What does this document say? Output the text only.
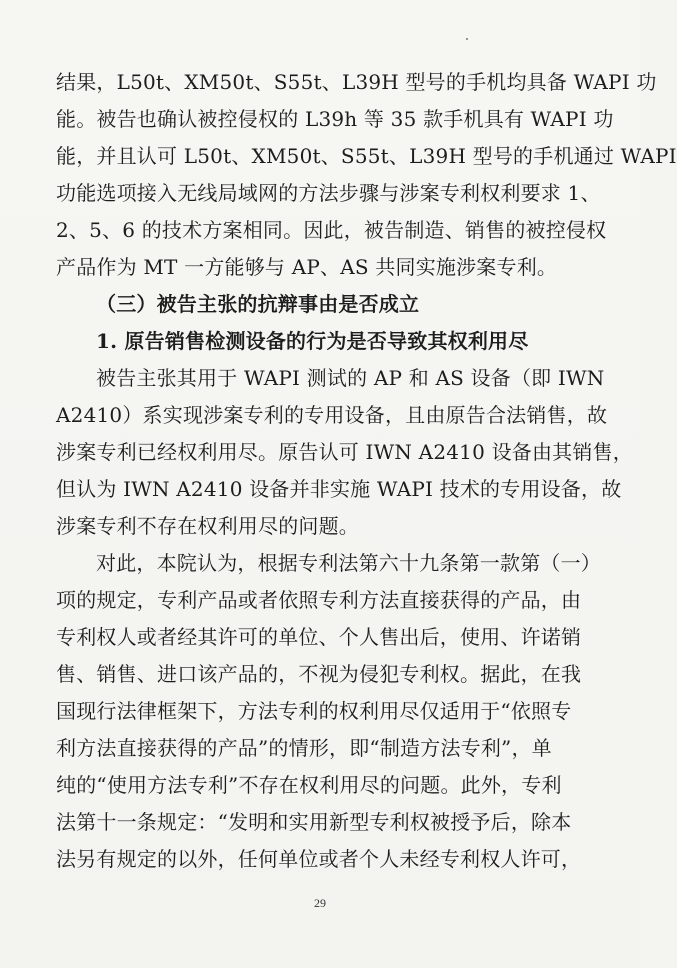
结果，L50t、XM50t、S55t、L39H 型号的手机均具备 WAPI 功
能。被告也确认被控侵权的 L39h 等 35 款手机具有 WAPI 功
能，并且认可 L50t、XM50t、S55t、L39H 型号的手机通过 WAPI
功能选项接入无线局域网的方法步骤与涉案专利权利要求 1、
2、5、6 的技术方案相同。因此，被告制造、销售的被控侵权
产品作为 MT 一方能够与 AP、AS 共同实施涉案专利。
（三）被告主张的抗辩事由是否成立
1. 原告销售检测设备的行为是否导致其权利用尽
被告主张其用于 WAPI 测试的 AP 和 AS 设备（即 IWN
A2410）系实现涉案专利的专用设备，且由原告合法销售，故
涉案专利已经权利用尽。原告认可 IWN A2410 设备由其销售，
但认为 IWN A2410 设备并非实施 WAPI 技术的专用设备，故
涉案专利不存在权利用尽的问题。
对此，本院认为，根据专利法第六十九条第一款第（一）
项的规定，专利产品或者依照专利方法直接获得的产品，由
专利权人或者经其许可的单位、个人售出后，使用、许诺销
售、销售、进口该产品的，不视为侵犯专利权。据此，在我
国现行法律框架下，方法专利的权利用尽仅适用于“依照专
利方法直接获得的产品”的情形，即“制造方法专利”，单
纯的“使用方法专利”不存在权利用尽的问题。此外，专利
法第十一条规定：“发明和实用新型专利权被授予后，除本
法另有规定的以外，任何单位或者个人未经专利权人许可，
29
